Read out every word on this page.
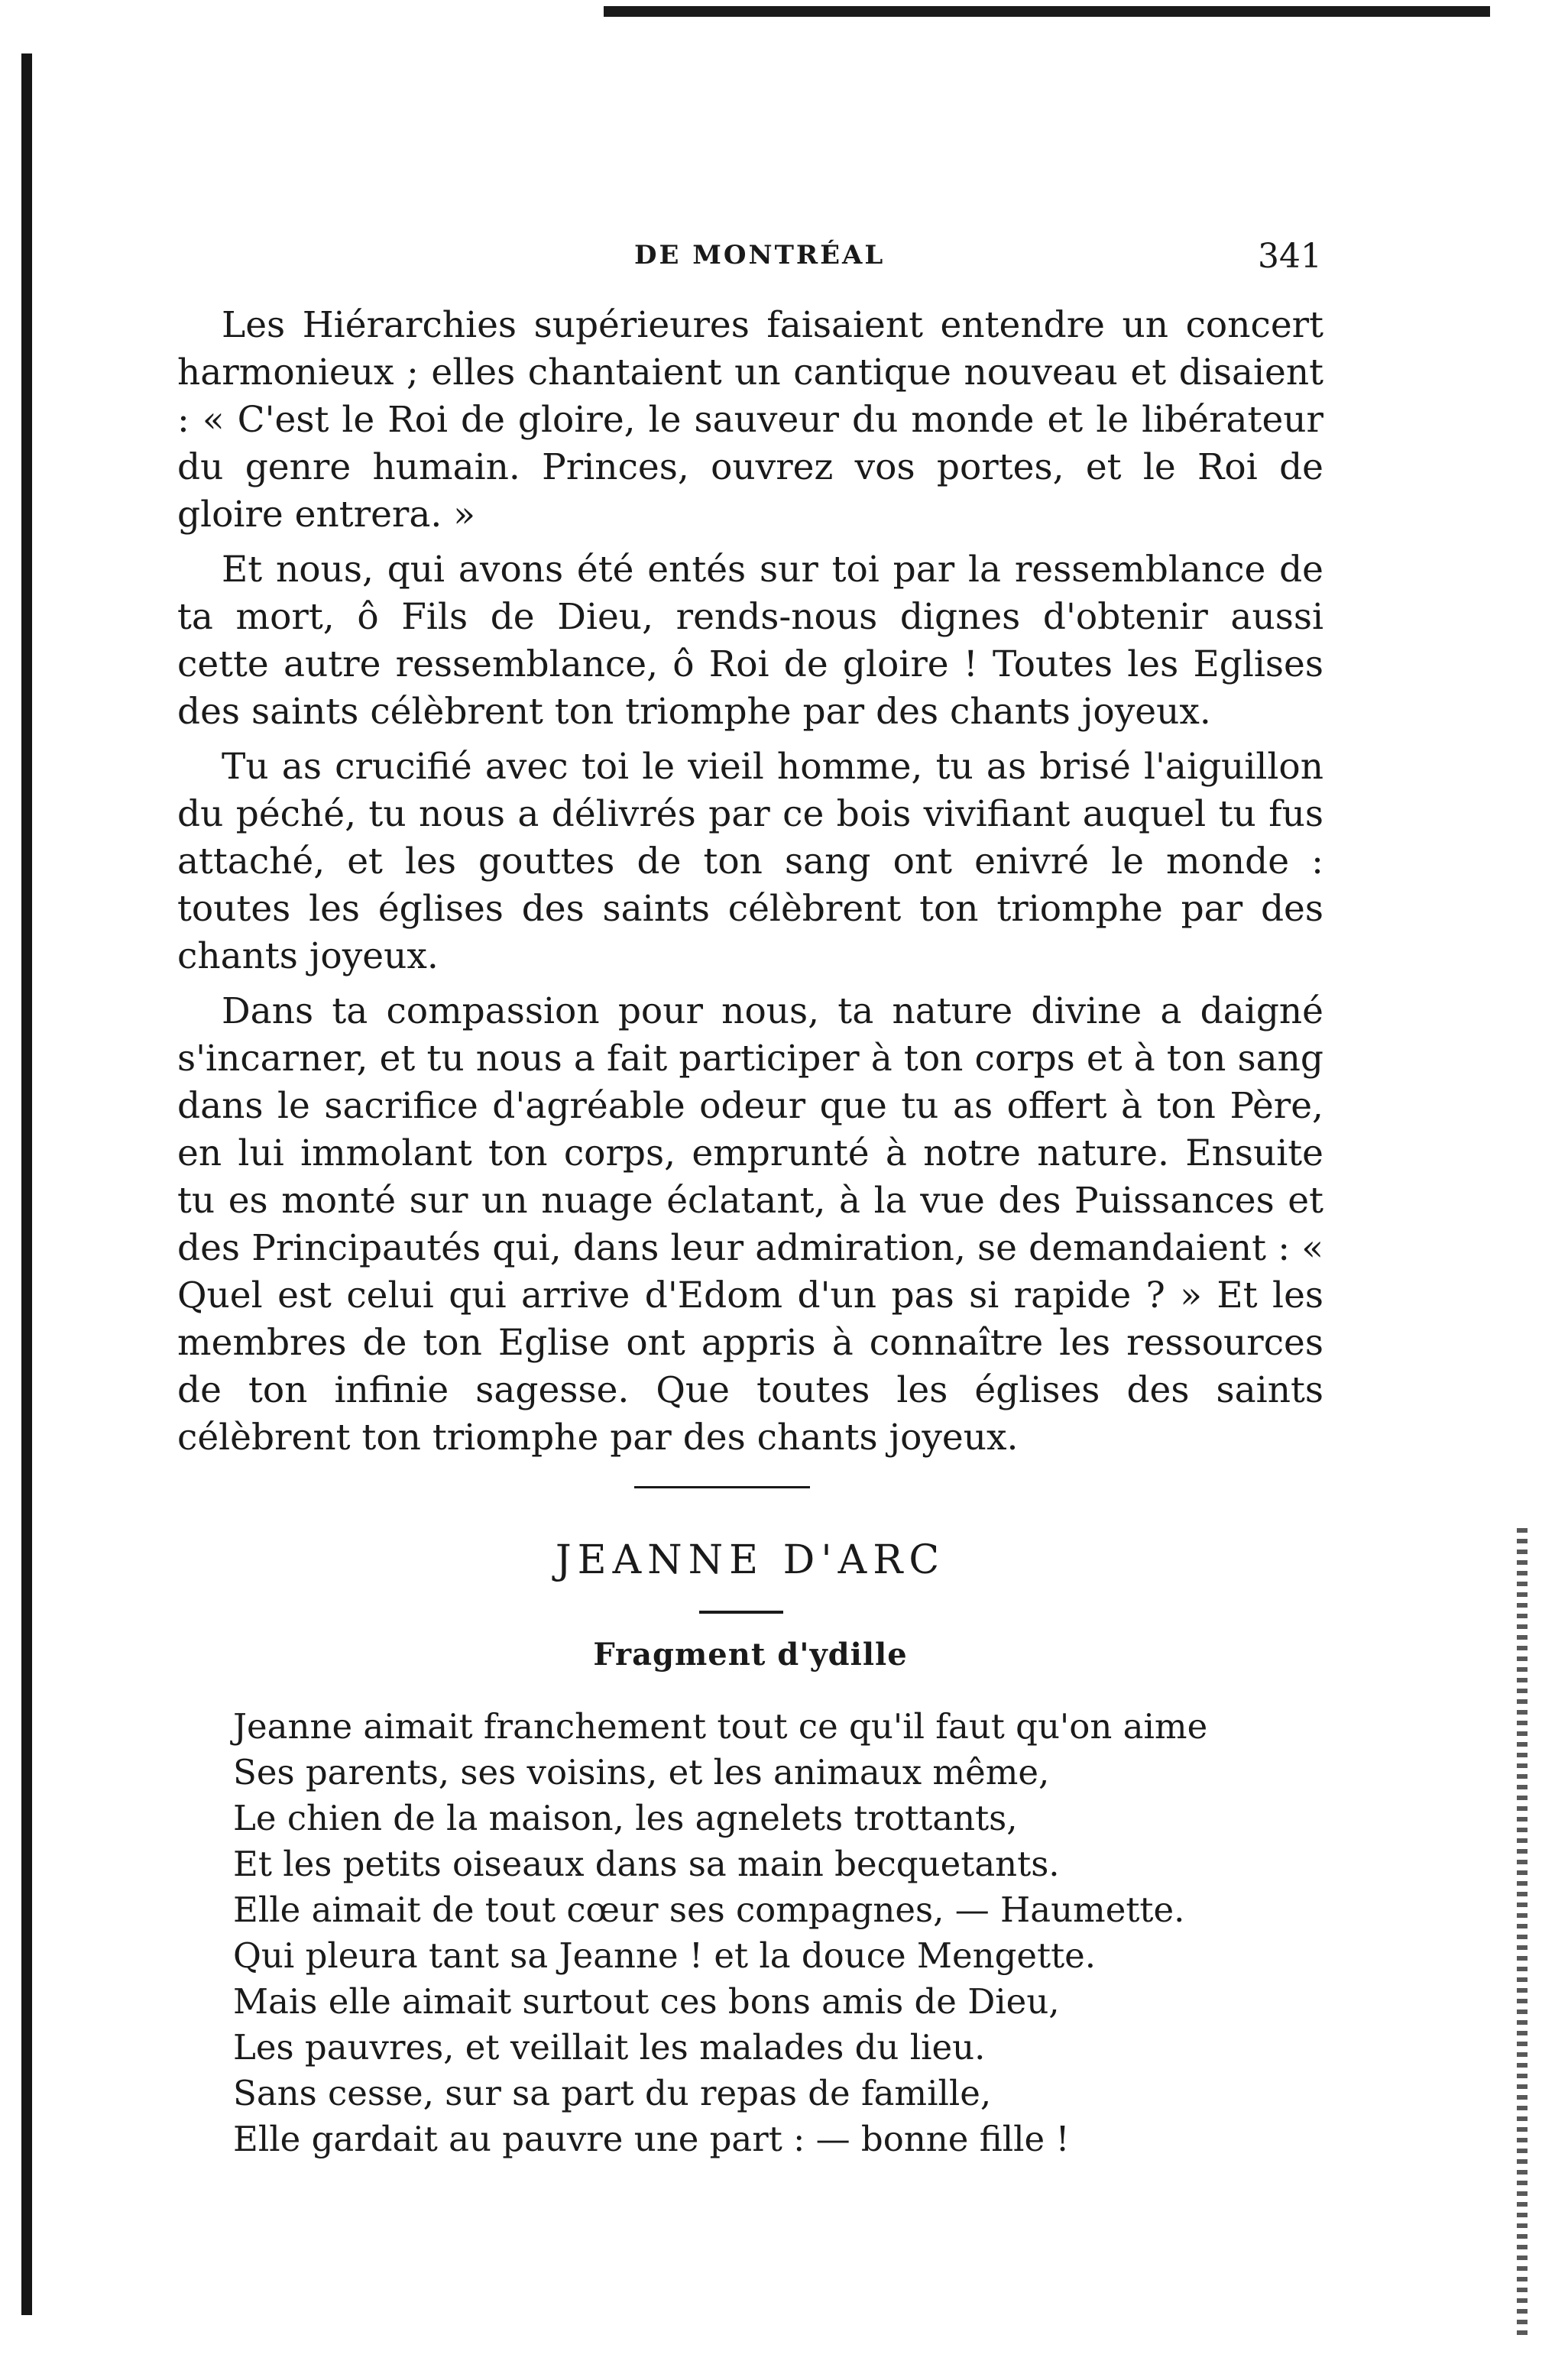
DE MONTRÉAL	341

Les Hiérarchies supérieures faisaient entendre un concert harmonieux ; elles chantaient un cantique nouveau et disaient : « C'est le Roi de gloire, le sauveur du monde et le libérateur du genre humain. Princes, ouvrez vos portes, et le Roi de gloire entrera. »

Et nous, qui avons été entés sur toi par la ressemblance de ta mort, ô Fils de Dieu, rends-nous dignes d'obtenir aussi cette autre ressemblance, ô Roi de gloire ! Toutes les Eglises des saints célèbrent ton triomphe par des chants joyeux.

Tu as crucifié avec toi le vieil homme, tu as brisé l'aiguillon du péché, tu nous a délivrés par ce bois vivifiant auquel tu fus attaché, et les gouttes de ton sang ont enivré le monde : toutes les églises des saints célèbrent ton triomphe par des chants joyeux.

Dans ta compassion pour nous, ta nature divine a daigné s'incarner, et tu nous a fait participer à ton corps et à ton sang dans le sacrifice d'agréable odeur que tu as offert à ton Père, en lui immolant ton corps, emprunté à notre nature. Ensuite tu es monté sur un nuage éclatant, à la vue des Puissances et des Principautés qui, dans leur admiration, se demandaient : « Quel est celui qui arrive d'Edom d'un pas si rapide ? » Et les membres de ton Eglise ont appris à connaître les ressources de ton infinie sagesse. Que toutes les églises des saints célèbrent ton triomphe par des chants joyeux.

JEANNE D'ARC
Fragment d'ydille
Jeanne aimait franchement tout ce qu'il faut qu'on aime
Ses parents, ses voisins, et les animaux même,
Le chien de la maison, les agnelets trottants,
Et les petits oiseaux dans sa main becquetants.
Elle aimait de tout cœur ses compagnes, — Haumette.
Qui pleura tant sa Jeanne ! et la douce Mengette.
Mais elle aimait surtout ces bons amis de Dieu,
Les pauvres, et veillait les malades du lieu.
Sans cesse, sur sa part du repas de famille,
Elle gardait au pauvre une part : — bonne fille !
